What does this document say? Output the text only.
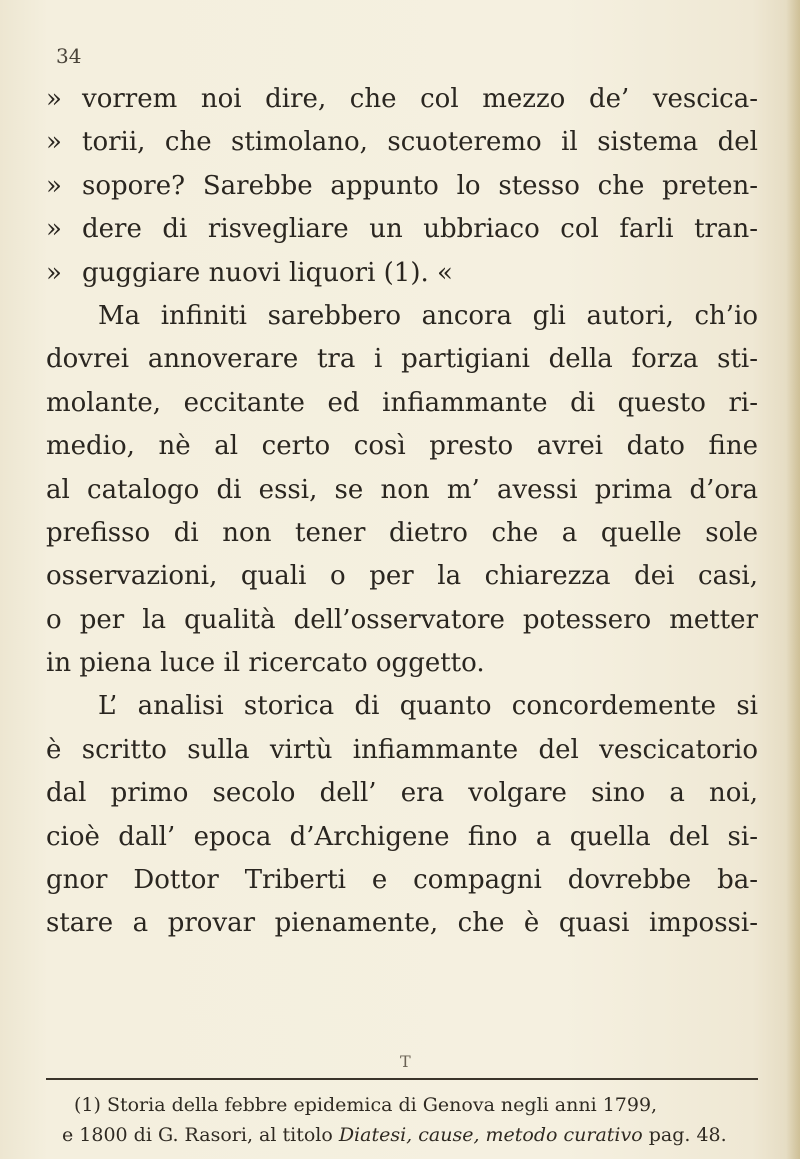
34
» vorrem noi dire, che col mezzo de’ vescica-
» torii, che stimolano, scuoteremo il sistema del
» sopore? Sarebbe appunto lo stesso che preten-
» dere di risvegliare un ubbriaco col farli tran-
» guggiare nuovi liquori (1). «
Ma infiniti sarebbero ancora gli autori, ch’io
dovrei annoverare tra i partigiani della forza sti-
molante, eccitante ed infiammante di questo ri-
medio, nè al certo così presto avrei dato fine
al catalogo di essi, se non m’ avessi prima d’ora
prefisso di non tener dietro che a quelle sole
osservazioni, quali o per la chiarezza dei casi,
o per la qualità dell’osservatore potessero metter
in piena luce il ricercato oggetto.
L’ analisi storica di quanto concordemente si
è scritto sulla virtù infiammante del vescicatorio
dal primo secolo dell’ era volgare sino a noi,
cioè dall’ epoca d’Archigene fino a quella del si-
gnor Dottor Triberti e compagni dovrebbe ba-
stare a provar pienamente, che è quasi impossi-
T
(1) Storia della febbre epidemica di Genova negli anni 1799,
e 1800 di G. Rasori, al titolo Diatesi, cause, metodo curativo pag. 48.
